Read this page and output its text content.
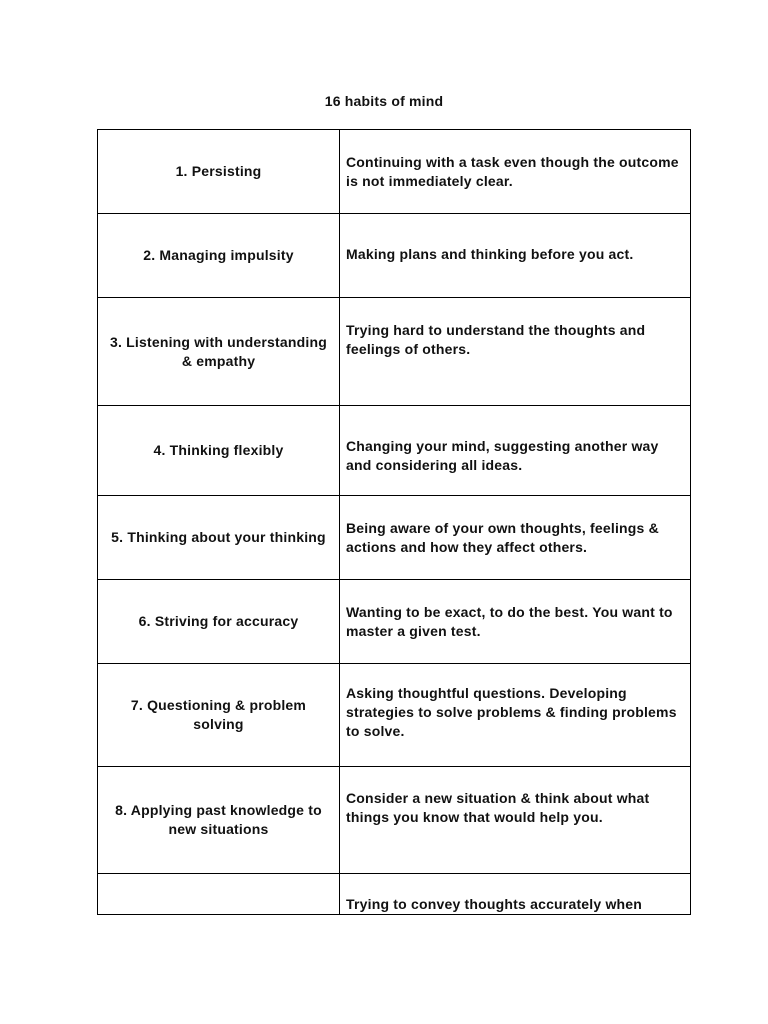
16 habits of mind
1. Persisting	Continuing with a task even though the outcome is not immediately clear.
2. Managing impulsity	Making plans and thinking before you act.
3. Listening with understanding & empathy	Trying hard to understand the thoughts and feelings of others.
4. Thinking flexibly	Changing your mind, suggesting another way and considering all ideas.
5. Thinking about your thinking	Being aware of your own thoughts, feelings & actions and how they affect others.
6. Striving for accuracy	Wanting to be exact, to do the best. You want to master a given test.
7. Questioning & problem solving	Asking thoughtful questions. Developing strategies to solve problems & finding problems to solve.
8. Applying past knowledge to new situations	Consider a new situation & think about what things you know that would help you.
	Trying to convey thoughts accurately when
